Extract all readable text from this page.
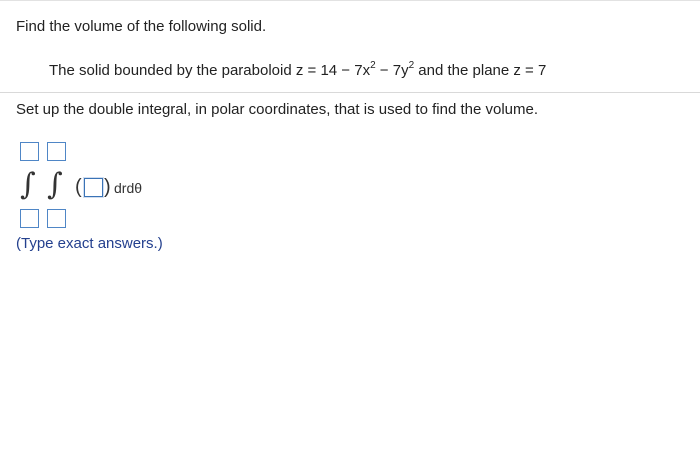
Find the volume of the following solid.
The solid bounded by the paraboloid $z = 14 - 7x^2 - 7y^2$ and the plane z = 7
Set up the double integral, in polar coordinates, that is used to find the volume.
∫ ∫ ( ) drdθ
(Type exact answers.)
